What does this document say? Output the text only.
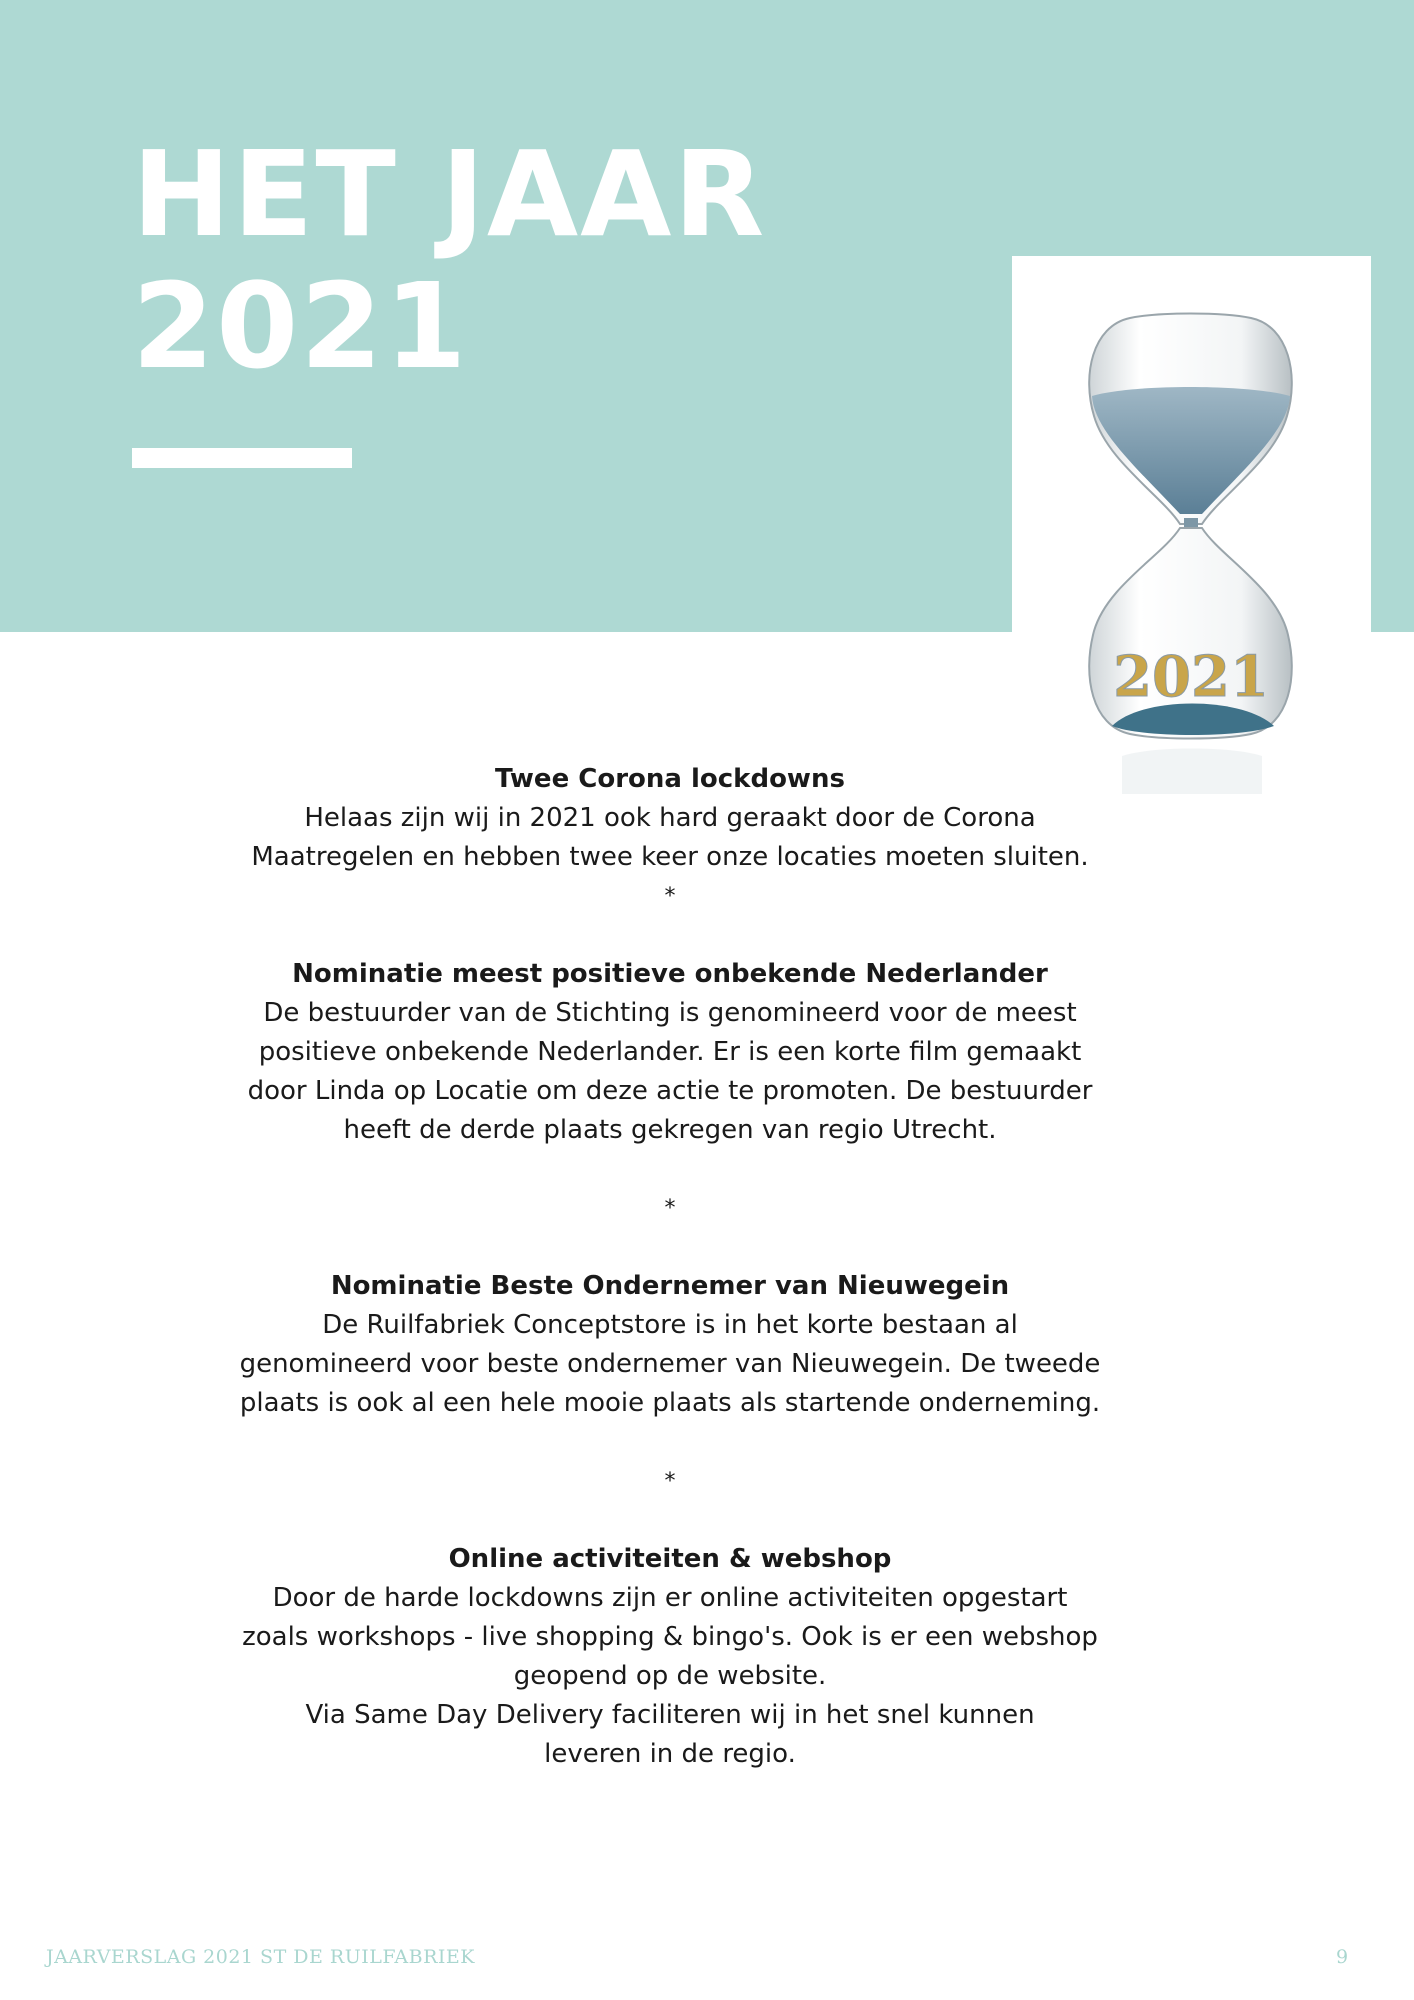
HET JAAR
2021
2021

Twee Corona lockdowns

Helaas zijn wij in 2021 ook hard geraakt door de Corona

Maatregelen en hebben twee keer onze locaties moeten sluiten.

*

Nominatie meest positieve onbekende Nederlander

De bestuurder van de Stichting is genomineerd voor de meest

positieve onbekende Nederlander. Er is een korte film gemaakt

door Linda op Locatie om deze actie te promoten. De bestuurder

heeft de derde plaats gekregen van regio Utrecht.

*

Nominatie Beste Ondernemer van Nieuwegein

De Ruilfabriek Conceptstore is in het korte bestaan al

genomineerd voor beste ondernemer van Nieuwegein. De tweede

plaats is ook al een hele mooie plaats als startende onderneming.

*

Online activiteiten & webshop

Door de harde lockdowns zijn er online activiteiten opgestart

zoals workshops - live shopping & bingo's. Ook is er een webshop

geopend op de website.

Via Same Day Delivery faciliteren wij in het snel kunnen

leveren in de regio.

JAARVERSLAG 2021 ST DE RUILFABRIEK	9
